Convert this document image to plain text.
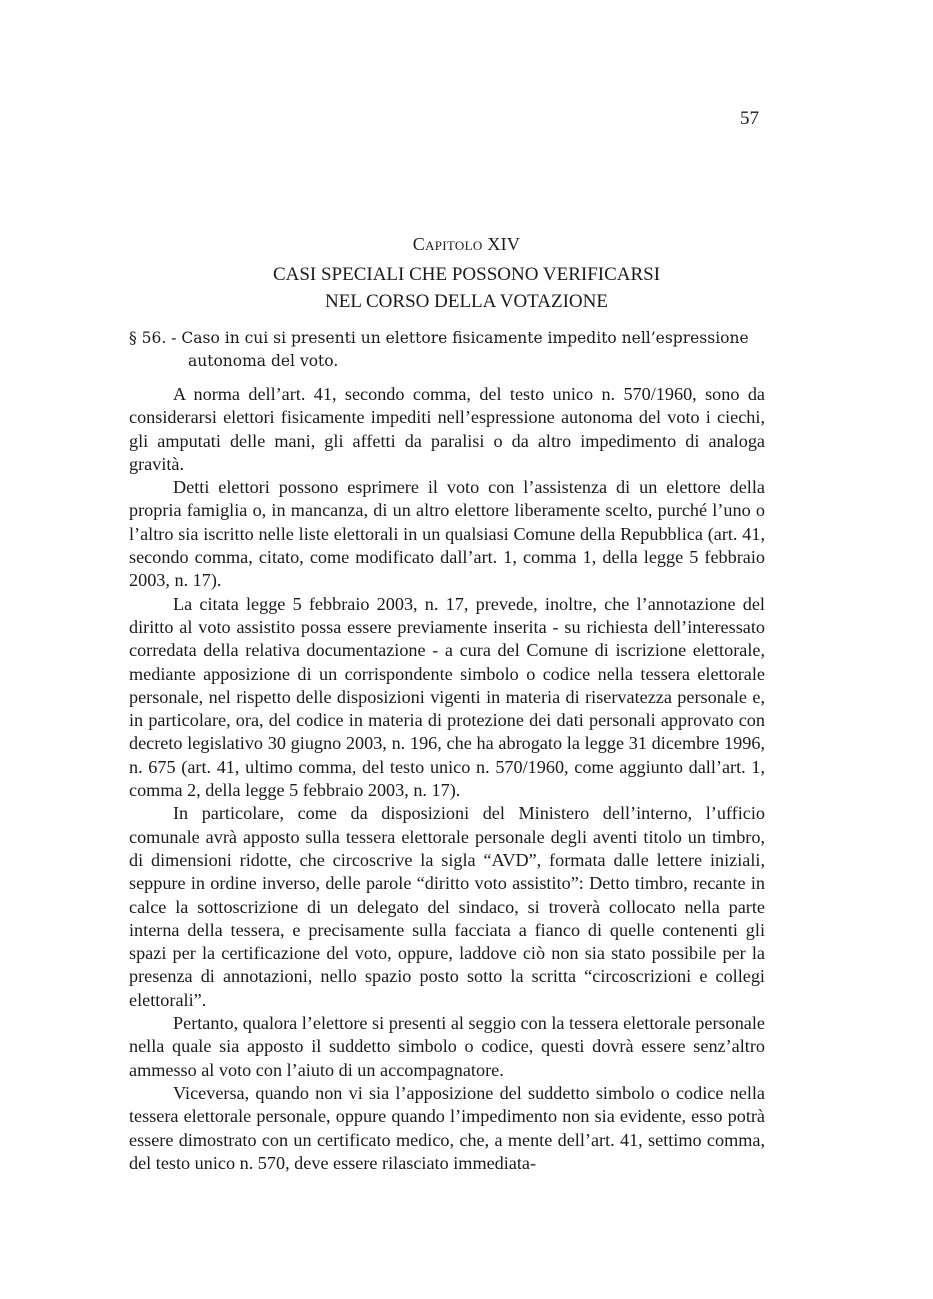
57
Capitolo XIV
CASI SPECIALI CHE POSSONO VERIFICARSI
NEL CORSO DELLA VOTAZIONE
§ 56. - Caso in cui si presenti un elettore fisicamente impedito nell’espressione autonoma del voto.

A norma dell’art. 41, secondo comma, del testo unico n. 570/1960, sono da considerarsi elettori fisicamente impediti nell’espressione autonoma del voto i ciechi, gli amputati delle mani, gli affetti da paralisi o da altro impedimento di analoga gravità.

Detti elettori possono esprimere il voto con l’assistenza di un elettore della propria famiglia o, in mancanza, di un altro elettore liberamente scelto, purché l’uno o l’altro sia iscritto nelle liste elettorali in un qualsiasi Comune della Repubblica (art. 41, secondo comma, citato, come modificato dall’art. 1, comma 1, della legge 5 febbraio 2003, n. 17).

La citata legge 5 febbraio 2003, n. 17, prevede, inoltre, che l’annotazione del diritto al voto assistito possa essere previamente inserita - su richiesta dell’interessato corredata della relativa documentazione - a cura del Comune di iscrizione elettorale, mediante apposizione di un corrispondente simbolo o codice nella tessera elettorale personale, nel rispetto delle disposizioni vigenti in materia di riservatezza personale e, in particolare, ora, del codice in materia di protezione dei dati personali approvato con decreto legislativo 30 giugno 2003, n. 196, che ha abrogato la legge 31 dicembre 1996, n. 675 (art. 41, ultimo comma, del testo unico n. 570/1960, come aggiunto dall’art. 1, comma 2, della legge 5 febbraio 2003, n. 17).

In particolare, come da disposizioni del Ministero dell’interno, l’ufficio comunale avrà apposto sulla tessera elettorale personale degli aventi titolo un timbro, di dimensioni ridotte, che circoscrive la sigla “AVD”, formata dalle lettere iniziali, seppure in ordine inverso, delle parole “diritto voto assistito”: Detto timbro, recante in calce la sottoscrizione di un delegato del sindaco, si troverà collocato nella parte interna della tessera, e precisamente sulla facciata a fianco di quelle contenenti gli spazi per la certificazione del voto, oppure, laddove ciò non sia stato possibile per la presenza di annotazioni, nello spazio posto sotto la scritta “circoscrizioni e collegi elettorali”.

Pertanto, qualora l’elettore si presenti al seggio con la tessera elettorale personale nella quale sia apposto il suddetto simbolo o codice, questi dovrà essere senz’altro ammesso al voto con l’aiuto di un accompagnatore.

Viceversa, quando non vi sia l’apposizione del suddetto simbolo o codice nella tessera elettorale personale, oppure quando l’impedimento non sia evidente, esso potrà essere dimostrato con un certificato medico, che, a mente dell’art. 41, settimo comma, del testo unico n. 570, deve essere rilasciato immediata-
